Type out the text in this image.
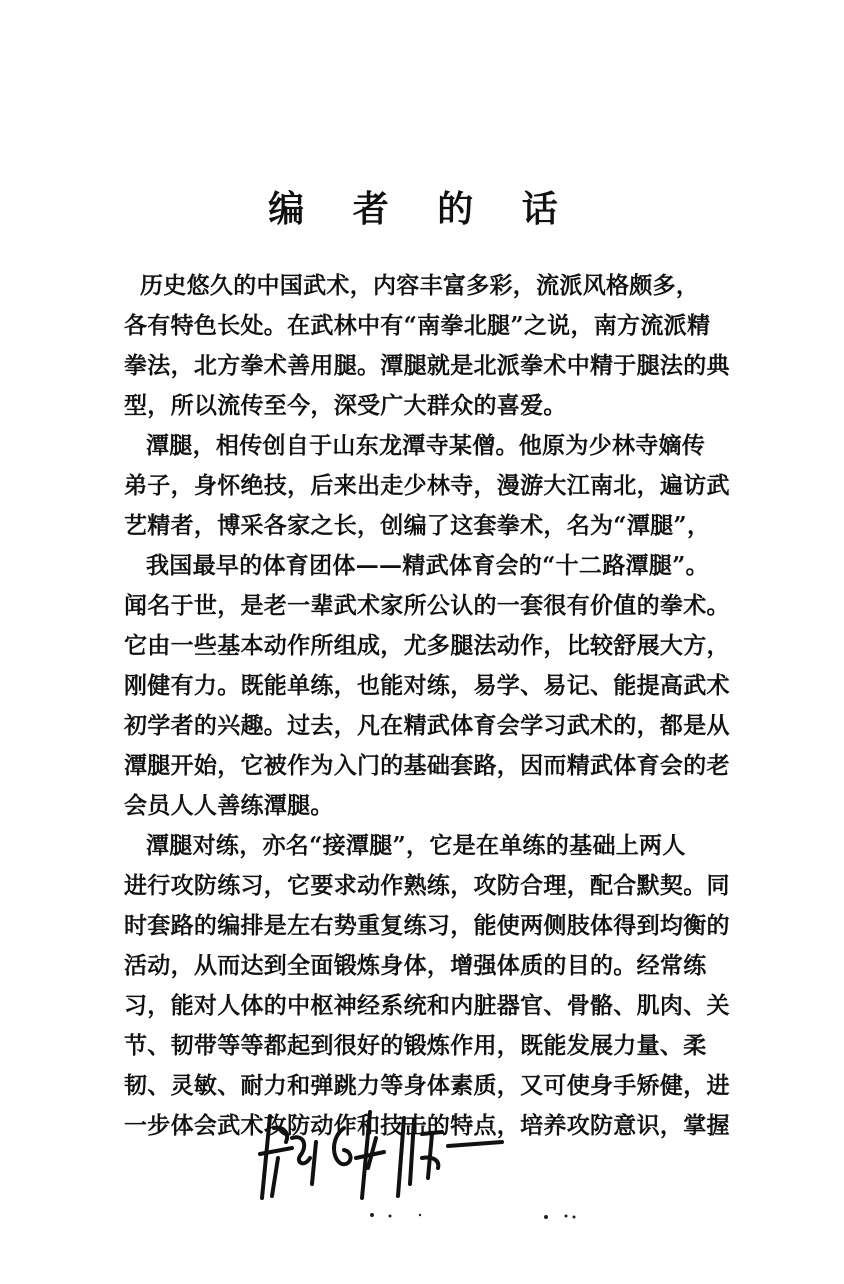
编 者 的 话
历史悠久的中国武术，内容丰富多彩，流派风格颇多，
各有特色长处。在武林中有“南拳北腿”之说，南方流派精
拳法，北方拳术善用腿。潭腿就是北派拳术中精于腿法的典
型，所以流传至今，深受广大群众的喜爱。
潭腿，相传创自于山东龙潭寺某僧。他原为少林寺嫡传
弟子，身怀绝技，后来出走少林寺，漫游大江南北，遍访武
艺精者，博采各家之长，创编了这套拳术，名为“潭腿”，
我国最早的体育团体——精武体育会的“十二路潭腿”。
闻名于世，是老一辈武术家所公认的一套很有价值的拳术。
它由一些基本动作所组成，尤多腿法动作，比较舒展大方，
刚健有力。既能单练，也能对练，易学、易记、能提高武术
初学者的兴趣。过去，凡在精武体育会学习武术的，都是从
潭腿开始，它被作为入门的基础套路，因而精武体育会的老
会员人人善练潭腿。
潭腿对练，亦名“接潭腿”，它是在单练的基础上两人
进行攻防练习，它要求动作熟练，攻防合理，配合默契。同
时套路的编排是左右势重复练习，能使两侧肢体得到均衡的
活动，从而达到全面锻炼身体，增强体质的目的。经常练
习，能对人体的中枢神经系统和内脏器官、骨骼、肌肉、关
节、韧带等等都起到很好的锻炼作用，既能发展力量、柔
韧、灵敏、耐力和弹跳力等身体素质，又可使身手矫健，进
一步体会武术攻防动作和技击的特点，培养攻防意识，掌握
